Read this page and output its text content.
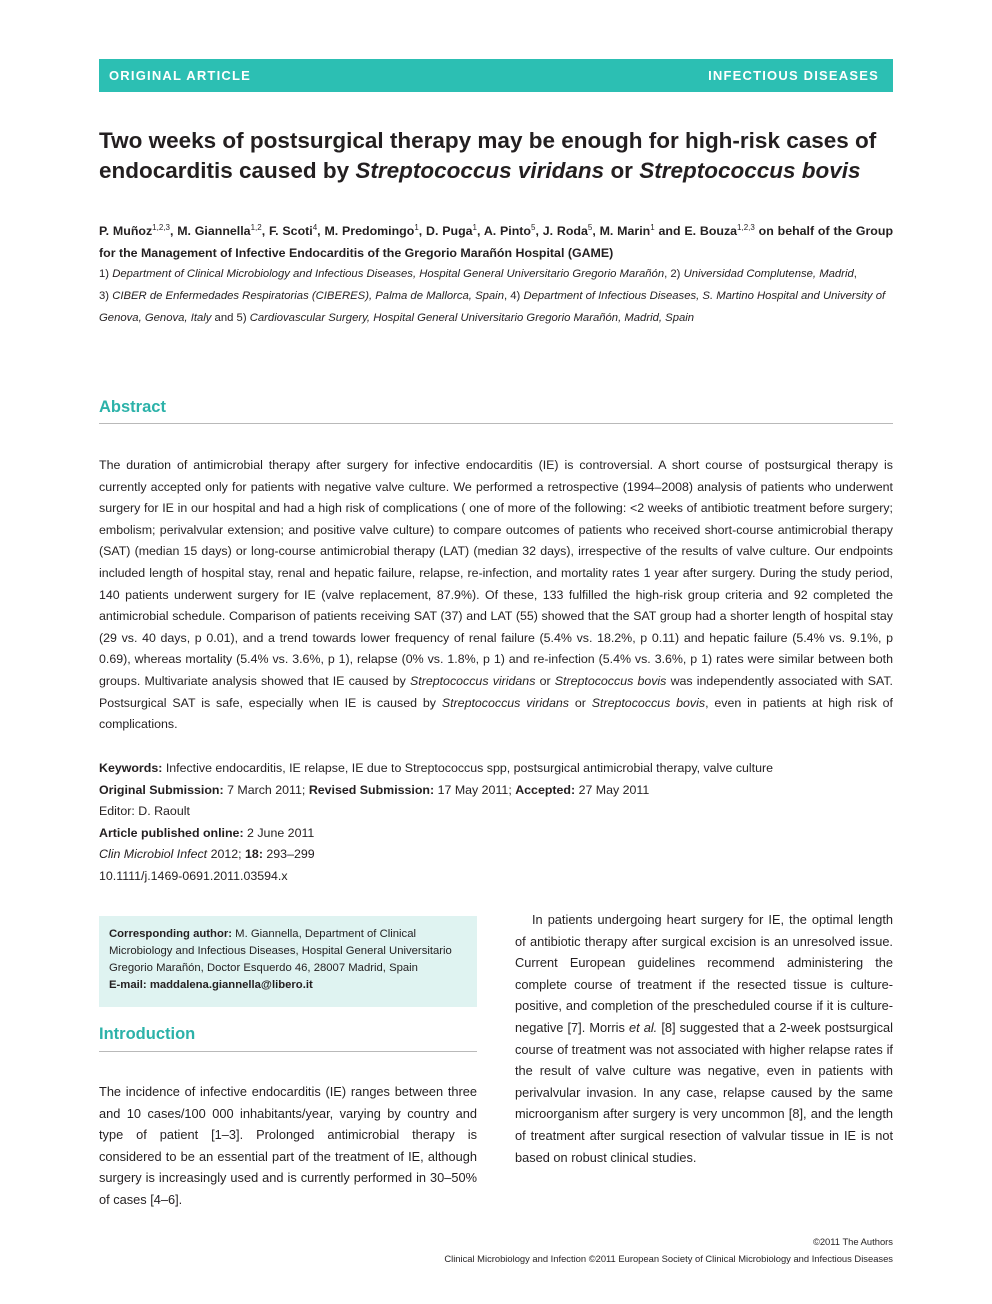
ORIGINAL ARTICLE	INFECTIOUS DISEASES
Two weeks of postsurgical therapy may be enough for high-risk cases of endocarditis caused by Streptococcus viridans or Streptococcus bovis
P. Muñoz$^{1,2,3}$, M. Giannella$^{1,2}$, F. Scoti$^4$, M. Predomingo$^1$, D. Puga$^1$, A. Pinto$^5$, J. Roda$^5$, M. Marin$^1$ and E. Bouza$^{1,2,3}$ on behalf of the Group for the Management of Infective Endocarditis of the Gregorio Marañón Hospital (GAME)
1) Department of Clinical Microbiology and Infectious Diseases, Hospital General Universitario Gregorio Marañón, 2) Universidad Complutense, Madrid,
3) CIBER de Enfermedades Respiratorias (CIBERES), Palma de Mallorca, Spain, 4) Department of Infectious Diseases, S. Martino Hospital and University of Genova, Genova, Italy and 5) Cardiovascular Surgery, Hospital General Universitario Gregorio Marañón, Madrid, Spain
Abstract
The duration of antimicrobial therapy after surgery for infective endocarditis (IE) is controversial. A short course of postsurgical therapy is currently accepted only for patients with negative valve culture. We performed a retrospective (1994–2008) analysis of patients who underwent surgery for IE in our hospital and had a high risk of complications ( one of more of the following: <2 weeks of antibiotic treatment before surgery; embolism; perivalvular extension; and positive valve culture) to compare outcomes of patients who received short-course antimicrobial therapy (SAT) (median 15 days) or long-course antimicrobial therapy (LAT) (median 32 days), irrespective of the results of valve culture. Our endpoints included length of hospital stay, renal and hepatic failure, relapse, re-infection, and mortality rates 1 year after surgery. During the study period, 140 patients underwent surgery for IE (valve replacement, 87.9%). Of these, 133 fulfilled the high-risk group criteria and 92 completed the antimicrobial schedule. Comparison of patients receiving SAT (37) and LAT (55) showed that the SAT group had a shorter length of hospital stay (29 vs. 40 days, p 0.01), and a trend towards lower frequency of renal failure (5.4% vs. 18.2%, p 0.11) and hepatic failure (5.4% vs. 9.1%, p 0.69), whereas mortality (5.4% vs. 3.6%, p 1), relapse (0% vs. 1.8%, p 1) and re-infection (5.4% vs. 3.6%, p 1) rates were similar between both groups. Multivariate analysis showed that IE caused by Streptococcus viridans or Streptococcus bovis was independently associated with SAT. Postsurgical SAT is safe, especially when IE is caused by Streptococcus viridans or Streptococcus bovis, even in patients at high risk of complications.
Keywords: Infective endocarditis, IE relapse, IE due to Streptococcus spp, postsurgical antimicrobial therapy, valve culture
Original Submission: 7 March 2011; Revised Submission: 17 May 2011; Accepted: 27 May 2011
Editor: D. Raoult
Article published online: 2 June 2011
Clin Microbiol Infect 2012; 18: 293–299
10.1111/j.1469-0691.2011.03594.x
Corresponding author: M. Giannella, Department of Clinical Microbiology and Infectious Diseases, Hospital General Universitario Gregorio Marañón, Doctor Esquerdo 46, 28007 Madrid, Spain
E-mail: maddalena.giannella@libero.it
Introduction

The incidence of infective endocarditis (IE) ranges between three and 10 cases/100 000 inhabitants/year, varying by country and type of patient [1–3]. Prolonged antimicrobial therapy is considered to be an essential part of the treatment of IE, although surgery is increasingly used and is currently performed in 30–50% of cases [4–6].

In patients undergoing heart surgery for IE, the optimal length of antibiotic therapy after surgical excision is an unresolved issue. Current European guidelines recommend administering the complete course of treatment if the resected tissue is culture-positive, and completion of the prescheduled course if it is culture-negative [7]. Morris et al. [8] suggested that a 2-week postsurgical course of treatment was not associated with higher relapse rates if the result of valve culture was negative, even in patients with perivalvular invasion. In any case, relapse caused by the same microorganism after surgery is very uncommon [8], and the length of treatment after surgical resection of valvular tissue in IE is not based on robust clinical studies.

©2011 The Authors
Clinical Microbiology and Infection ©2011 European Society of Clinical Microbiology and Infectious Diseases
